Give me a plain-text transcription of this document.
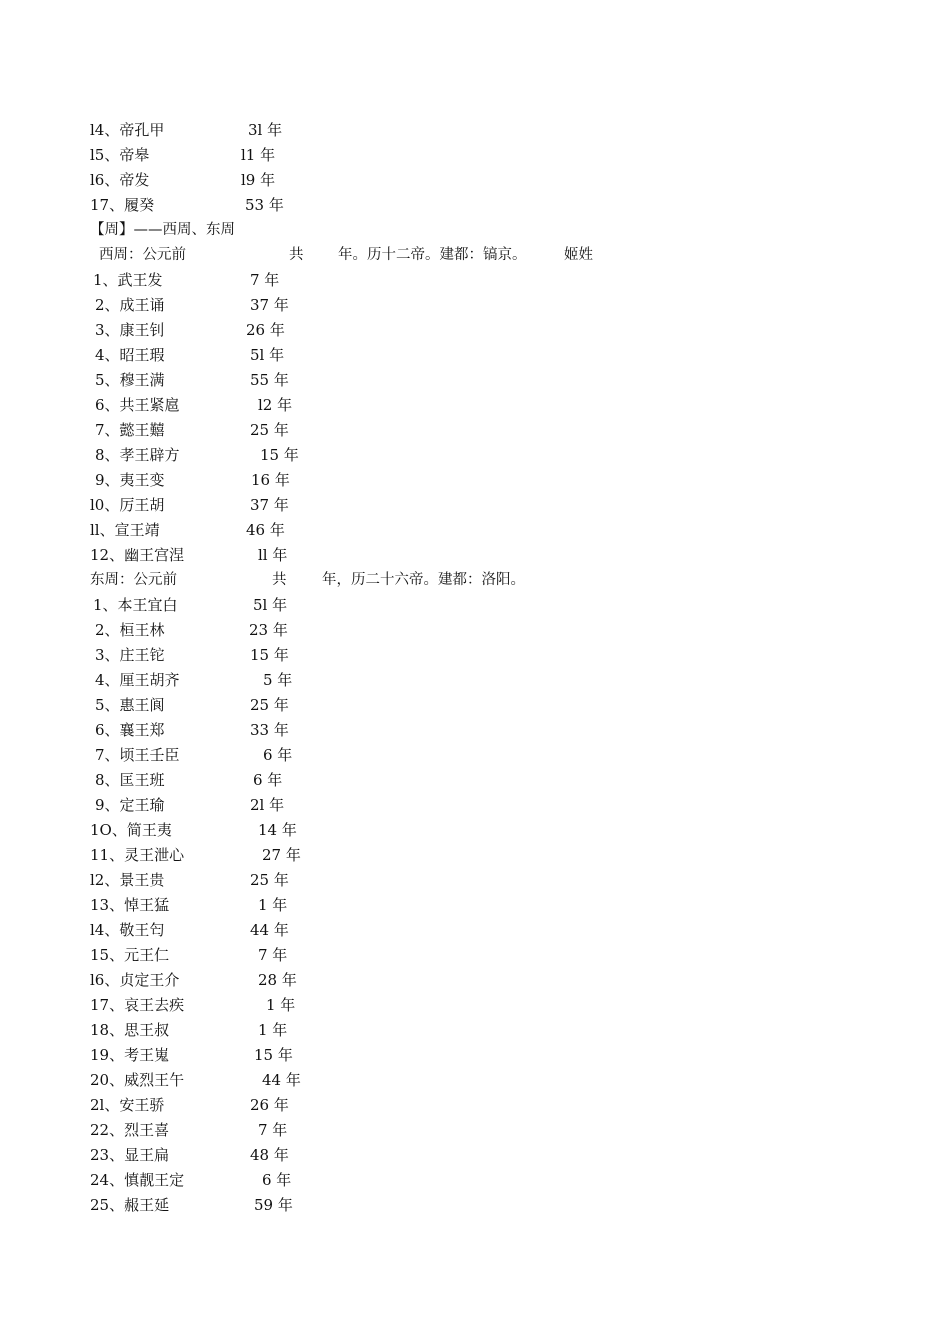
l4、帝孔甲	3l 年
l5、帝皋	l1 年
l6、帝发	l9 年
17、履癸	53 年
【周】——西周、东周
西周：公元前	共 年。历十二帝。建都：镐京。	姬姓
1、武王发	7 年
2、成王诵	37 年
3、康王钊	26 年
4、昭王瑕	5l 年
5、穆王满	55 年
6、共王紧扈	l2 年
7、懿王囏	25 年
8、孝王辟方	15 年
9、夷王变	16 年
l0、厉王胡	37 年
ll、宣王靖	46 年
12、幽王宫涅	ll 年
东周：公元前	共 年，历二十六帝。建都：洛阳。
1、本王宜白	5l 年
2、桓王林	23 年
3、庄王铊	15 年
4、厘王胡齐	5 年
5、惠王阆	25 年
6、襄王郑	33 年
7、顷王壬臣	6 年
8、匡王班	6 年
9、定王瑜	2l 年
1O、简王夷	14 年
11、灵王泄心	27 年
l2、景王贵	25 年
13、悼王猛	1 年
l4、敬王匄	44 年
15、元王仁	7 年
l6、贞定王介	28 年
17、哀王去疾	1 年
18、思王叔	1 年
19、考王嵬	15 年
20、威烈王午	44 年
2l、安王骄	26 年
22、烈王喜	7 年
23、显王扁	48 年
24、慎靓王定	6 年
25、赧王延	59 年
